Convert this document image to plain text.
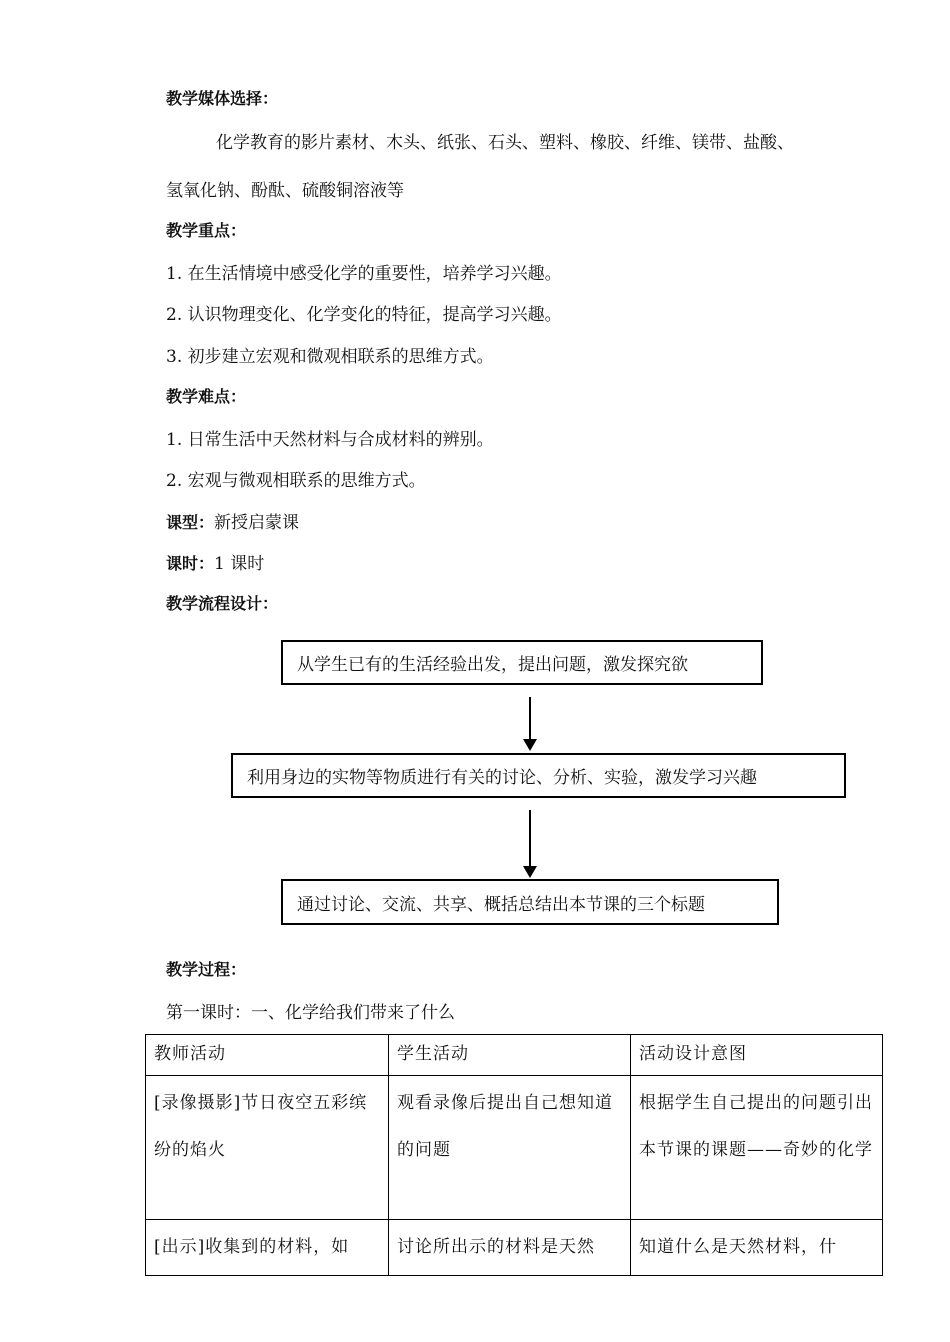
教学媒体选择：
化学教育的影片素材、木头、纸张、石头、塑料、橡胶、纤维、镁带、盐酸、
氢氧化钠、酚酞、硫酸铜溶液等
教学重点：
1. 在生活情境中感受化学的重要性，培养学习兴趣。
2. 认识物理变化、化学变化的特征，提高学习兴趣。
3. 初步建立宏观和微观相联系的思维方式。
教学难点：
1. 日常生活中天然材料与合成材料的辨别。
2. 宏观与微观相联系的思维方式。
课型：新授启蒙课
课时：1 课时
教学流程设计：
从学生已有的生活经验出发，提出问题，激发探究欲
利用身边的实物等物质进行有关的讨论、分析、实验，激发学习兴趣
通过讨论、交流、共享、概括总结出本节课的三个标题
教学过程：
第一课时：一、化学给我们带来了什么
教师活动	学生活动	活动设计意图
[录像摄影]节日夜空五彩缤纷的焰火	观看录像后提出自己想知道的问题	根据学生自己提出的问题引出本节课的课题——奇妙的化学
[出示]收集到的材料，如	讨论所出示的材料是天然	知道什么是天然材料，什
